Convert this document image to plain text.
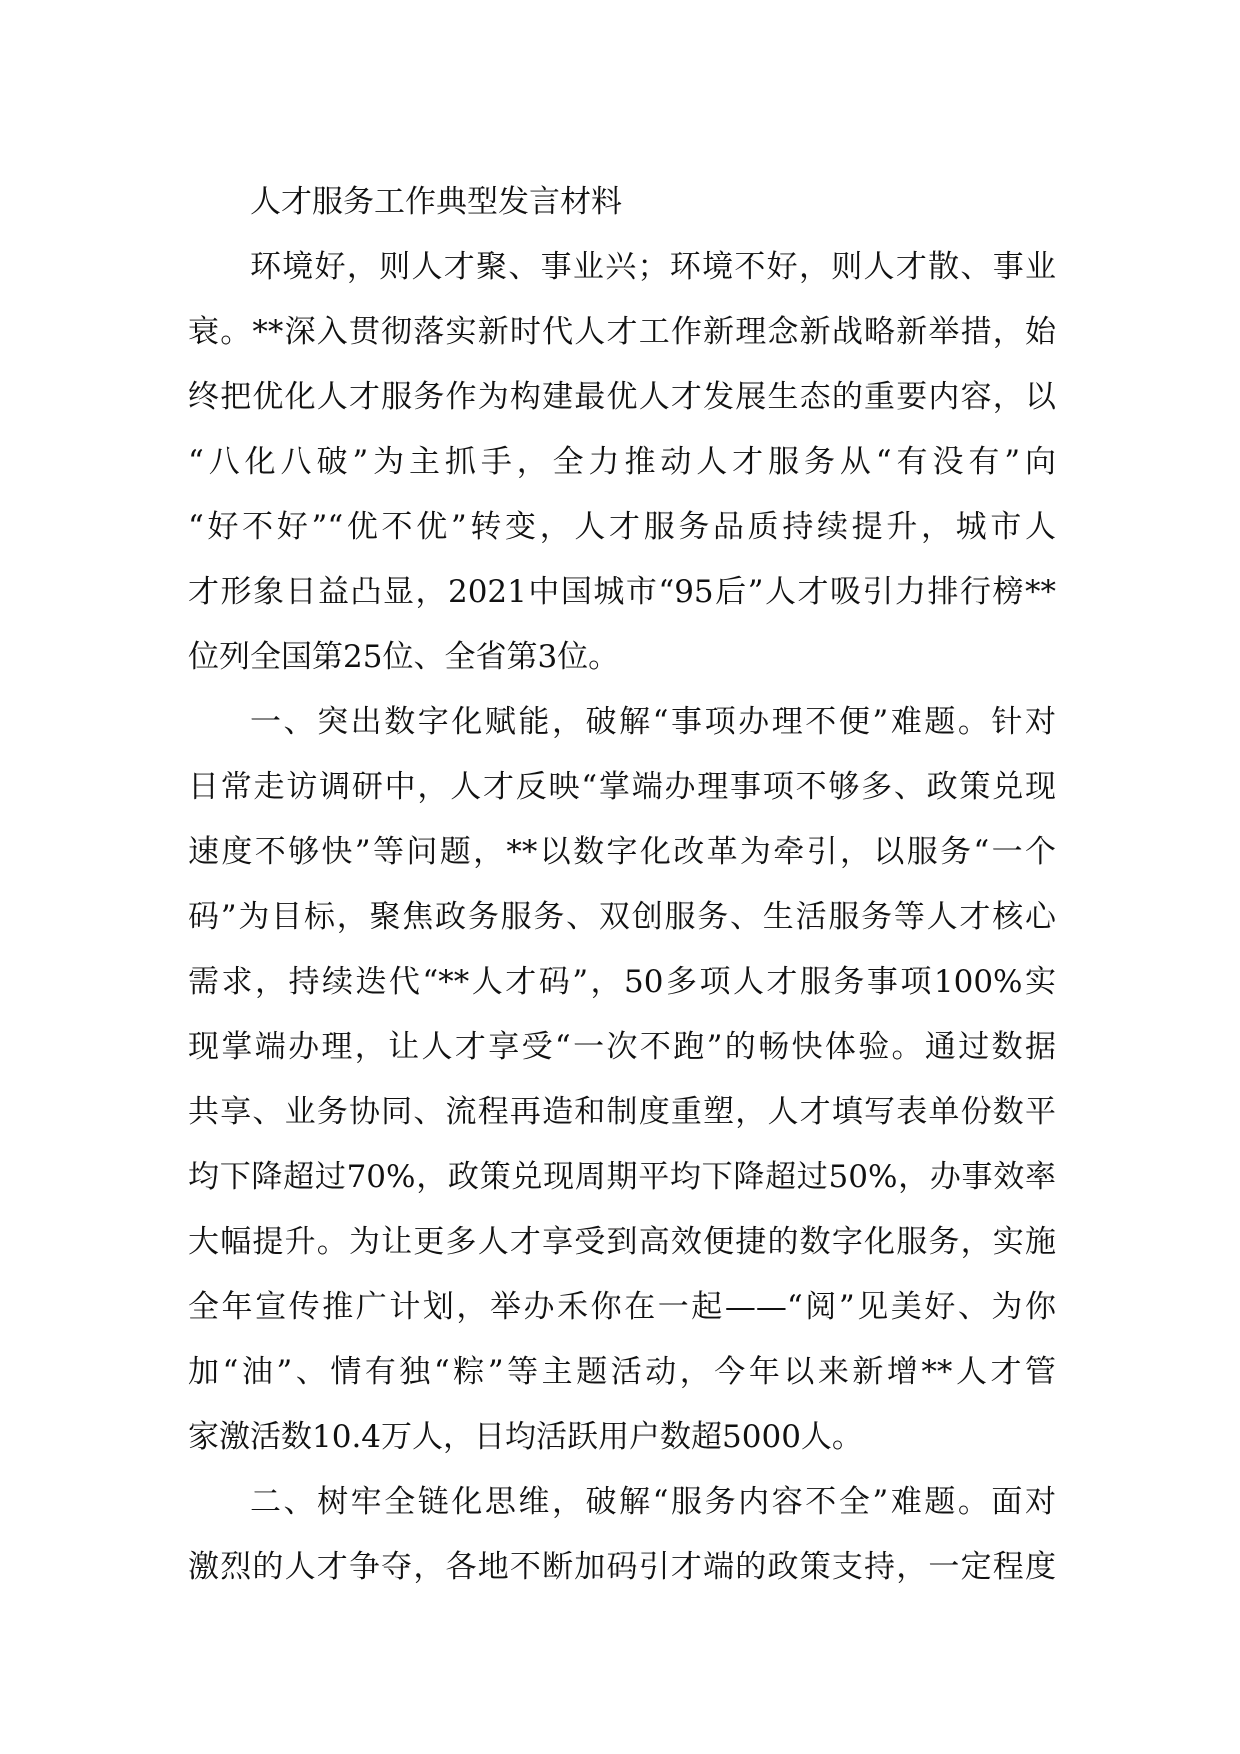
人才服务工作典型发言材料
环境好，则人才聚、事业兴；环境不好，则人才散、事业
衰。**深入贯彻落实新时代人才工作新理念新战略新举措，始
终把优化人才服务作为构建最优人才发展生态的重要内容，以
“八化八破”为主抓手，全力推动人才服务从“有没有”向
“好不好”“优不优”转变，人才服务品质持续提升，城市人
才形象日益凸显，2021中国城市“95后”人才吸引力排行榜**
位列全国第25位、全省第3位。
一、突出数字化赋能，破解“事项办理不便”难题。针对
日常走访调研中，人才反映“掌端办理事项不够多、政策兑现
速度不够快”等问题，**以数字化改革为牵引，以服务“一个
码”为目标，聚焦政务服务、双创服务、生活服务等人才核心
需求，持续迭代“**人才码”，50多项人才服务事项100%实
现掌端办理，让人才享受“一次不跑”的畅快体验。通过数据
共享、业务协同、流程再造和制度重塑，人才填写表单份数平
均下降超过70%，政策兑现周期平均下降超过50%，办事效率
大幅提升。为让更多人才享受到高效便捷的数字化服务，实施
全年宣传推广计划，举办禾你在一起——“阅”见美好、为你
加“油”、情有独“粽”等主题活动，今年以来新增**人才管
家激活数10.4万人，日均活跃用户数超5000人。
二、树牢全链化思维，破解“服务内容不全”难题。面对
激烈的人才争夺，各地不断加码引才端的政策支持，一定程度
